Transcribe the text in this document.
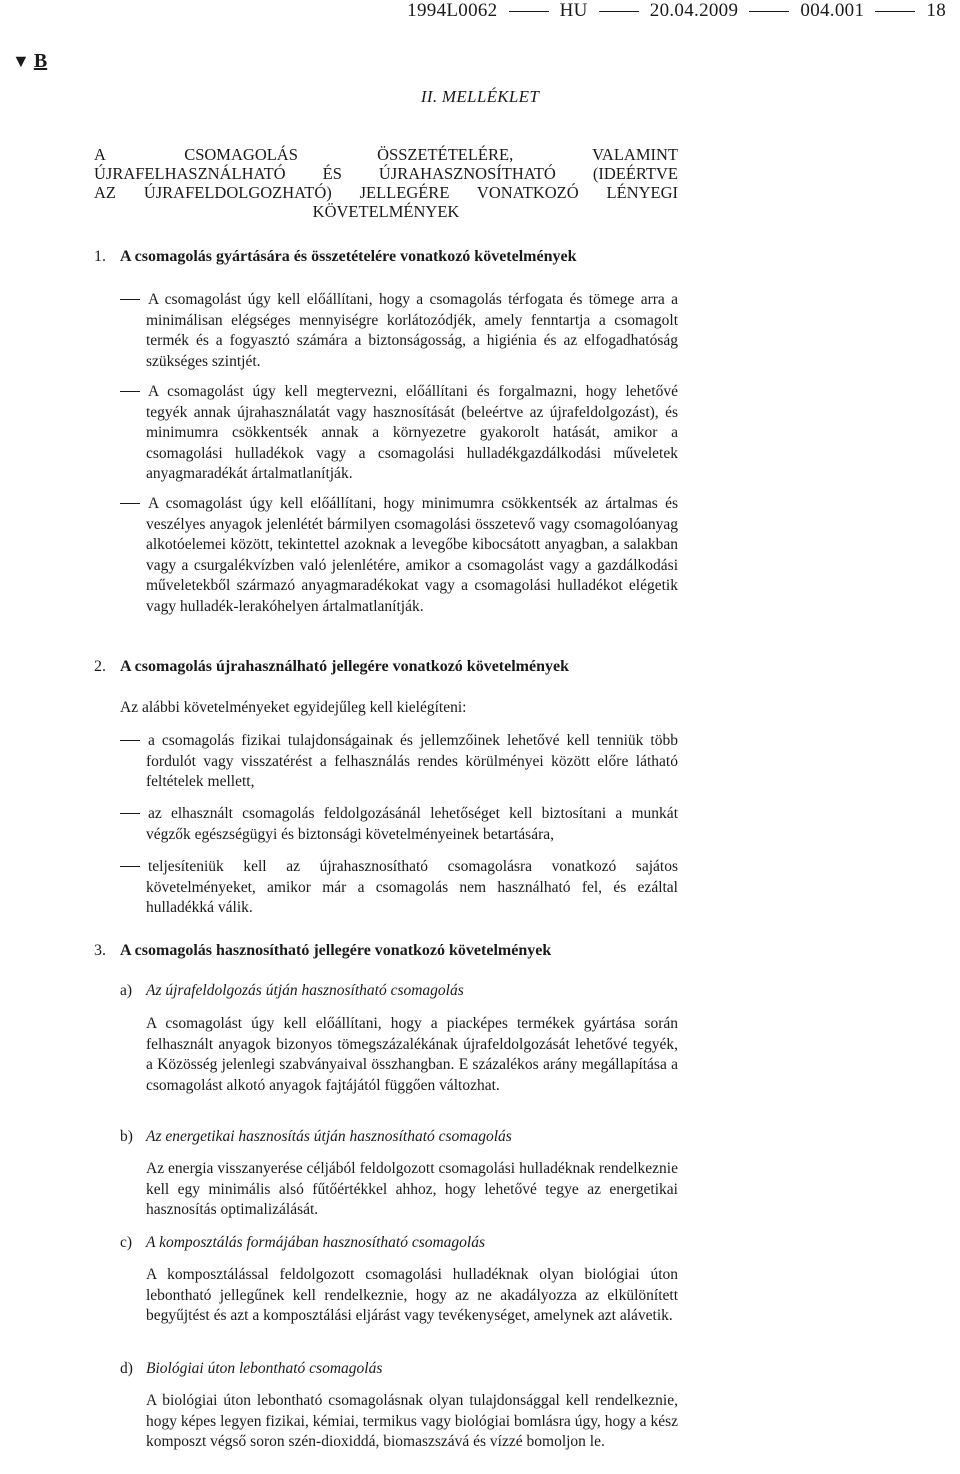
1994L0062	HU	20.04.2009	004.001	18
▼ B
II. MELLÉKLET
A CSOMAGOLÁS ÖSSZETÉTELÉRE, VALAMINT
ÚJRAFELHASZNÁLHATÓ ÉS ÚJRAHASZNOSÍTHATÓ (IDEÉRTVE
AZ ÚJRAFELDOLGOZHATÓ) JELLEGÉRE VONATKOZÓ LÉNYEGI
KÖVETELMÉNYEK
1. A csomagolás gyártására és összetételére vonatkozó követelmények
A csomagolást úgy kell előállítani, hogy a csomagolás térfogata és tömege arra a minimálisan elégséges mennyiségre korlátozódjék, amely fenntartja a csomagolt termék és a fogyasztó számára a biztonságosság, a higiénia és az elfogadhatóság szükséges szintjét.
A csomagolást úgy kell megtervezni, előállítani és forgalmazni, hogy lehetővé tegyék annak újrahasználatát vagy hasznosítását (beleértve az újrafeldolgozást), és minimumra csökkentsék annak a környezetre gyakorolt hatását, amikor a csomagolási hulladékok vagy a csomagolási hulladékgazdálkodási műveletek anyagmaradékát ártalmatlanítják.
A csomagolást úgy kell előállítani, hogy minimumra csökkentsék az ártalmas és veszélyes anyagok jelenlétét bármilyen csomagolási összetevő vagy csomagolóanyag alkotóelemei között, tekintettel azoknak a levegőbe kibocsátott anyagban, a salakban vagy a csurgalékvízben való jelenlétére, amikor a csomagolást vagy a gazdálkodási műveletekből származó anyagmaradékokat vagy a csomagolási hulladékot elégetik vagy hulladék-lerakóhelyen ártalmatlanítják.
2. A csomagolás újrahasználható jellegére vonatkozó követelmények
Az alábbi követelményeket egyidejűleg kell kielégíteni:
a csomagolás fizikai tulajdonságainak és jellemzőinek lehetővé kell tenniük több fordulót vagy visszatérést a felhasználás rendes körülményei között előre látható feltételek mellett,
az elhasznált csomagolás feldolgozásánál lehetőséget kell biztosítani a munkát végzők egészségügyi és biztonsági követelményeinek betartására,
teljesíteniük kell az újrahasznosítható csomagolásra vonatkozó sajátos követelményeket, amikor már a csomagolás nem használható fel, és ezáltal hulladékká válik.
3. A csomagolás hasznosítható jellegére vonatkozó követelmények
a) Az újrafeldolgozás útján hasznosítható csomagolás
A csomagolást úgy kell előállítani, hogy a piacképes termékek gyártása során felhasznált anyagok bizonyos tömegszázalékának újrafeldolgozását lehetővé tegyék, a Közösség jelenlegi szabványaival összhangban. E százalékos arány megállapítása a csomagolást alkotó anyagok fajtájától függően változhat.
b) Az energetikai hasznosítás útján hasznosítható csomagolás
Az energia visszanyerése céljából feldolgozott csomagolási hulladéknak rendelkeznie kell egy minimális alsó fűtőértékkel ahhoz, hogy lehetővé tegye az energetikai hasznosítás optimalizálását.
c) A komposztálás formájában hasznosítható csomagolás
A komposztálással feldolgozott csomagolási hulladéknak olyan biológiai úton lebontható jellegűnek kell rendelkeznie, hogy az ne akadályozza az elkülönített begyűjtést és azt a komposztálási eljárást vagy tevékenységet, amelynek azt alávetik.
d) Biológiai úton lebontható csomagolás
A biológiai úton lebontható csomagolásnak olyan tulajdonsággal kell rendelkeznie, hogy képes legyen fizikai, kémiai, termikus vagy biológiai bomlásra úgy, hogy a kész komposzt végső soron szén-dioxiddá, biomaszszává és vízzé bomoljon le.
